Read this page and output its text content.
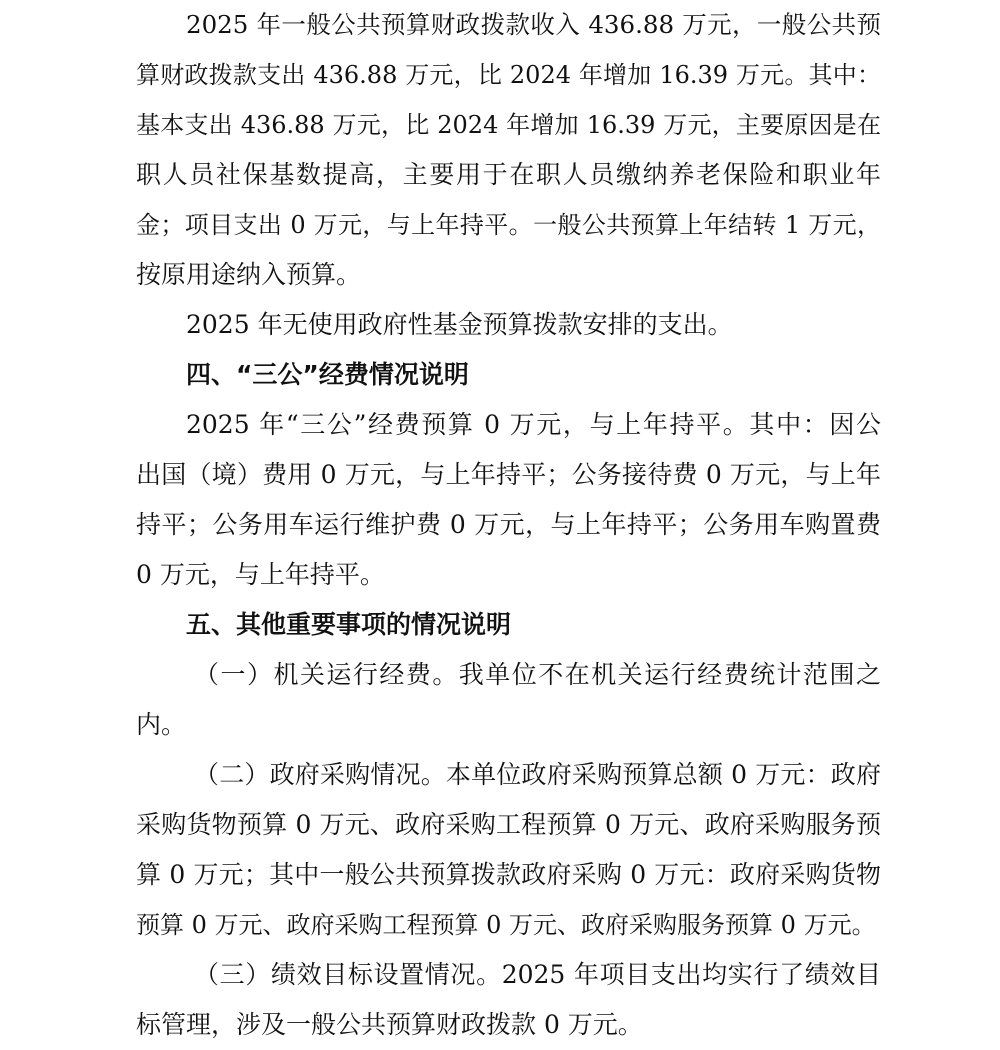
2025 年一般公共预算财政拨款收入 436.88 万元，一般公共预
算财政拨款支出 436.88 万元，比 2024 年增加 16.39 万元。其中：
基本支出 436.88 万元，比 2024 年增加 16.39 万元，主要原因是在
职人员社保基数提高，主要用于在职人员缴纳养老保险和职业年
金；项目支出 0 万元，与上年持平。一般公共预算上年结转 1 万元，
按原用途纳入预算。
2025 年无使用政府性基金预算拨款安排的支出。
四、“三公”经费情况说明
2025 年“三公”经费预算 0 万元，与上年持平。其中：因公
出国（境）费用 0 万元，与上年持平；公务接待费 0 万元，与上年
持平；公务用车运行维护费 0 万元，与上年持平；公务用车购置费
0 万元，与上年持平。
五、其他重要事项的情况说明
（一）机关运行经费。我单位不在机关运行经费统计范围之
内。
（二）政府采购情况。本单位政府采购预算总额 0 万元：政府
采购货物预算 0 万元、政府采购工程预算 0 万元、政府采购服务预
算 0 万元；其中一般公共预算拨款政府采购 0 万元：政府采购货物
预算 0 万元、政府采购工程预算 0 万元、政府采购服务预算 0 万元。
（三）绩效目标设置情况。2025 年项目支出均实行了绩效目
标管理，涉及一般公共预算财政拨款 0 万元。
